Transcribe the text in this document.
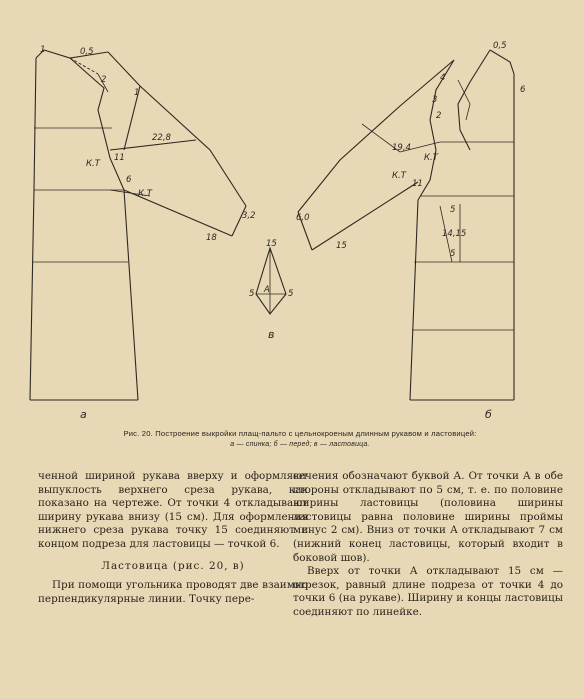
1	0,5
2
1
22,8
К.Т
11
6
К.Т
3,2
18
а
15
5 А 5
в
0,5
6
4
3
2
19,4
К.Т
К.Т
11
6,0
15
5
14,15
5
б
Рис. 20. Построение выкройки плащ-пальто с цельнокроеным длинным рукавом и ластовицей:
а — спинка; б — перед; в — ластовица.

ченной шириной рукава вверху и оформляют выпуклость верхнего среза рукава, как показано на чертеже. От точки 4 откладывают ширину рукава внизу (15 см). Для оформления нижнего среза рукава точку 15 соединяют с концом подреза для ластовицы — точкой 6.

Ластовица (рис. 20, в)

При помощи угольника проводят две взаимно перпендикулярные линии. Точку пере-

сечения обозначают буквой А. От точки А в обе стороны откладывают по 5 см, т. е. по половине ширины ластовицы (половина ширины ластовицы равна половине ширины проймы минус 2 см). Вниз от точки А откладывают 7 см (нижний конец ластовицы, который входит в боковой шов).

Вверх от точки А откладывают 15 см — отрезок, равный длине подреза от точки 4 до точки 6 (на рукаве). Ширину и концы ластовицы соединяют по линейке.
